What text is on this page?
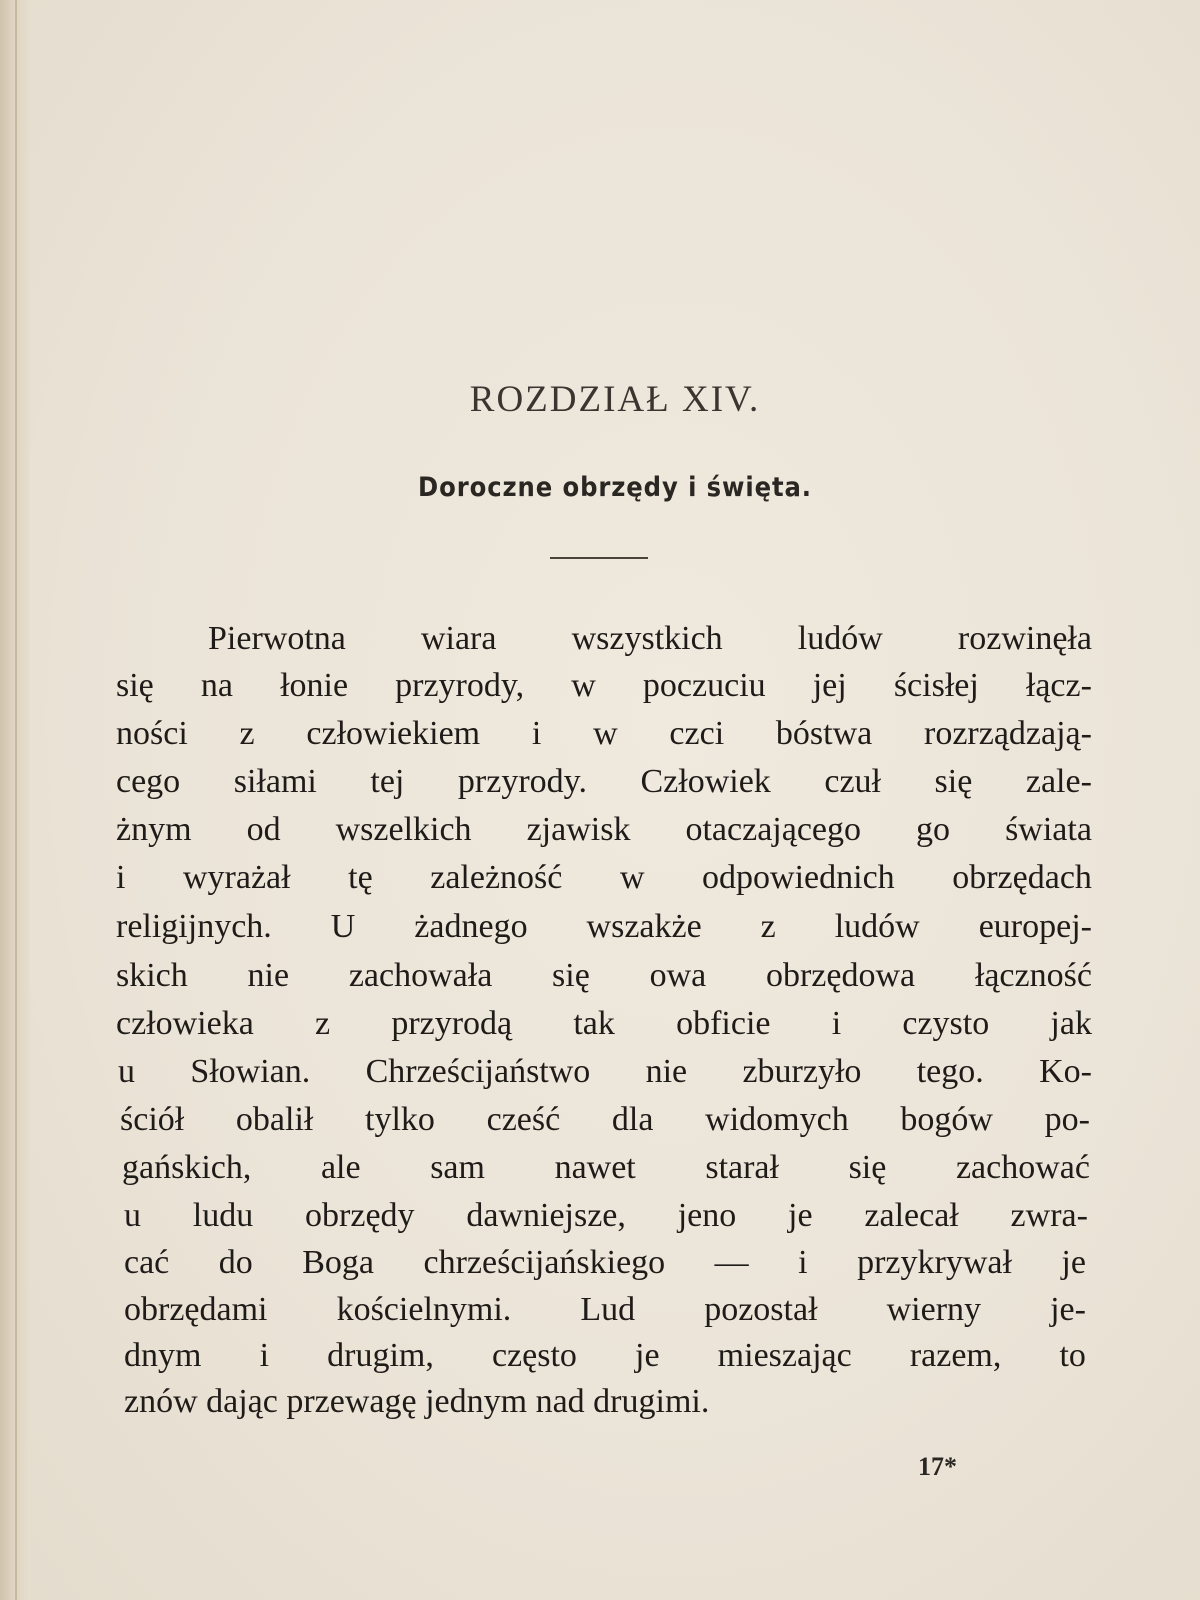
ROZDZIAŁ XIV.
Doroczne obrzędy i święta.
Pierwotna wiara wszystkich ludów rozwinęła
się na łonie przyrody, w poczuciu jej ścisłej łącz-
ności z człowiekiem i w czci bóstwa rozrządzają-
cego siłami tej przyrody. Człowiek czuł się zale-
żnym od wszelkich zjawisk otaczającego go świata
i wyrażał tę zależność w odpowiednich obrzędach
religijnych. U żadnego wszakże z ludów europej-
skich nie zachowała się owa obrzędowa łączność
człowieka z przyrodą tak obficie i czysto jak
u Słowian. Chrześcijaństwo nie zburzyło tego. Ko-
ściół obalił tylko cześć dla widomych bogów po-
gańskich, ale sam nawet starał się zachować
u ludu obrzędy dawniejsze, jeno je zalecał zwra-
cać do Boga chrześcijańskiego — i przykrywał je
obrzędami kościelnymi. Lud pozostał wierny je-
dnym i drugim, często je mieszając razem, to
znów dając przewagę jednym nad drugimi.
17*
